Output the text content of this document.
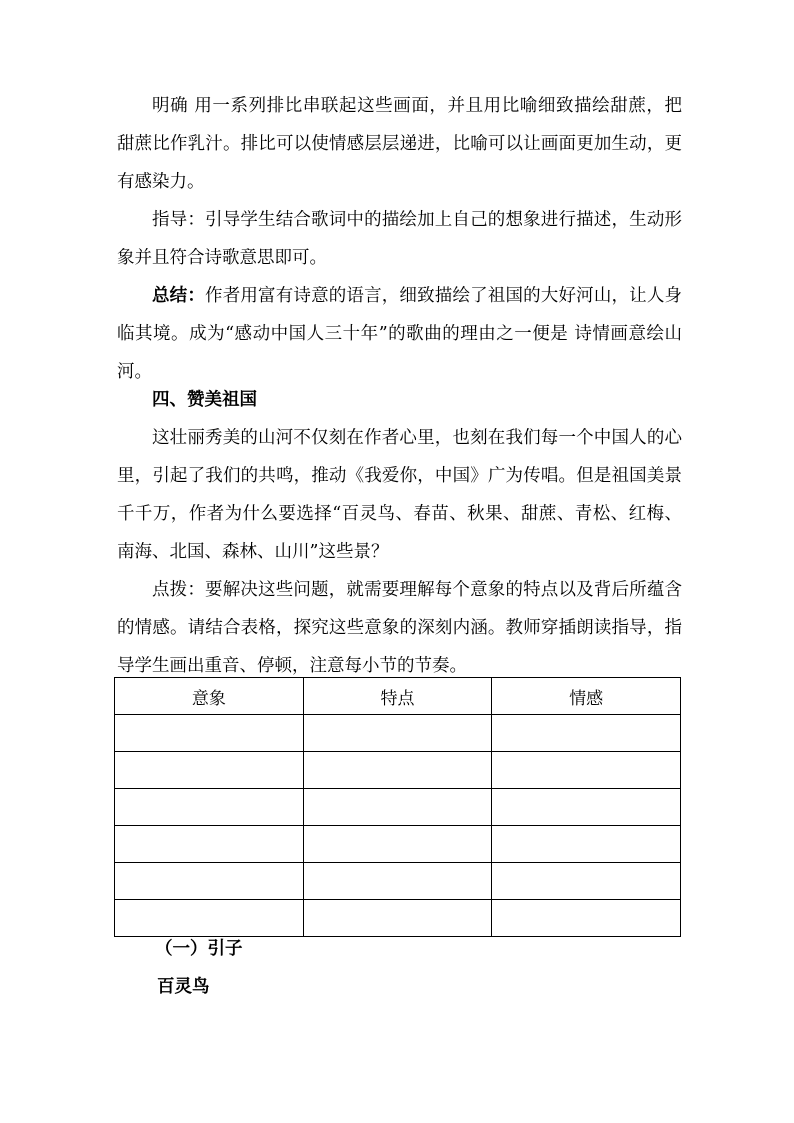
明确 用一系列排比串联起这些画面，并且用比喻细致描绘甜蔗，把甜蔗比作乳汁。排比可以使情感层层递进，比喻可以让画面更加生动，更有感染力。

指导：引导学生结合歌词中的描绘加上自己的想象进行描述，生动形象并且符合诗歌意思即可。

总结：作者用富有诗意的语言，细致描绘了祖国的大好河山，让人身临其境。成为“感动中国人三十年”的歌曲的理由之一便是 诗情画意绘山河。

四、赞美祖国

这壮丽秀美的山河不仅刻在作者心里，也刻在我们每一个中国人的心里，引起了我们的共鸣，推动《我爱你，中国》广为传唱。但是祖国美景千千万，作者为什么要选择“百灵鸟、春苗、秋果、甜蔗、青松、红梅、南海、北国、森林、山川”这些景？

点拨：要解决这些问题，就需要理解每个意象的特点以及背后所蕴含的情感。请结合表格，探究这些意象的深刻内涵。教师穿插朗读指导，指导学生画出重音、停顿，注意每小节的节奏。

意象	特点	情感

（一）引子

百灵鸟
